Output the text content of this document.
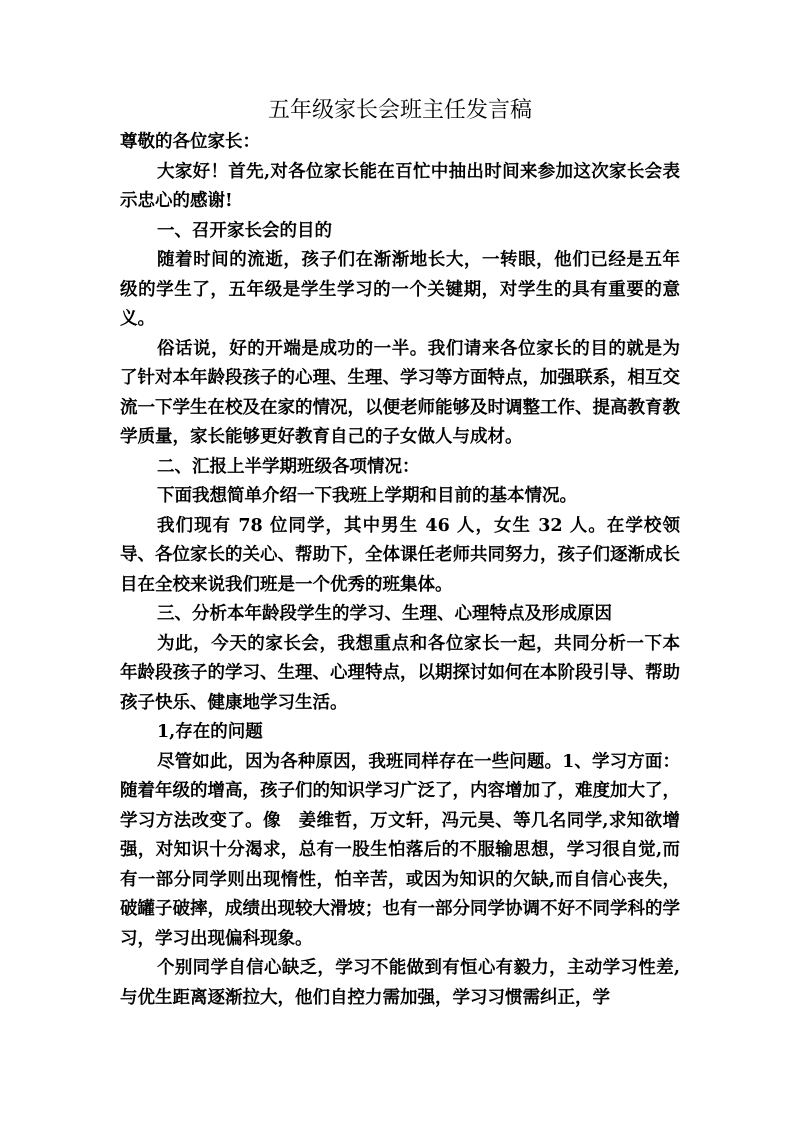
五年级家长会班主任发言稿

尊敬的各位家长：

大家好！首先,对各位家长能在百忙中抽出时间来参加这次家长会表示忠心的感谢!

一、召开家长会的目的

随着时间的流逝，孩子们在渐渐地长大，一转眼，他们已经是五年级的学生了，五年级是学生学习的一个关键期，对学生的具有重要的意义。

俗话说，好的开端是成功的一半。我们请来各位家长的目的就是为了针对本年龄段孩子的心理、生理、学习等方面特点，加强联系，相互交流一下学生在校及在家的情况，以便老师能够及时调整工作、提高教育教学质量，家长能够更好教育自己的子女做人与成材。

二、汇报上半学期班级各项情况：

下面我想简单介绍一下我班上学期和目前的基本情况。

我们现有 78 位同学，其中男生 46 人，女生 32 人。在学校领导、各位家长的关心、帮助下，全体课任老师共同努力，孩子们逐渐成长目在全校来说我们班是一个优秀的班集体。

三、分析本年龄段学生的学习、生理、心理特点及形成原因

为此，今天的家长会，我想重点和各位家长一起，共同分析一下本年龄段孩子的学习、生理、心理特点，以期探讨如何在本阶段引导、帮助孩子快乐、健康地学习生活。

1,存在的问题

尽管如此，因为各种原因，我班同样存在一些问题。1、学习方面：随着年级的增高，孩子们的知识学习广泛了，内容增加了，难度加大了，学习方法改变了。像　姜维哲，万文轩，冯元昊、等几名同学,求知欲增强，对知识十分渴求，总有一股生怕落后的不服输思想，学习很自觉,而有一部分同学则出现惰性，怕辛苦，或因为知识的欠缺,而自信心丧失，破罐子破摔，成绩出现较大滑坡；也有一部分同学协调不好不同学科的学习，学习出现偏科现象。

个别同学自信心缺乏，学习不能做到有恒心有毅力，主动学习性差,与优生距离逐渐拉大，他们自控力需加强，学习习惯需纠正，学
